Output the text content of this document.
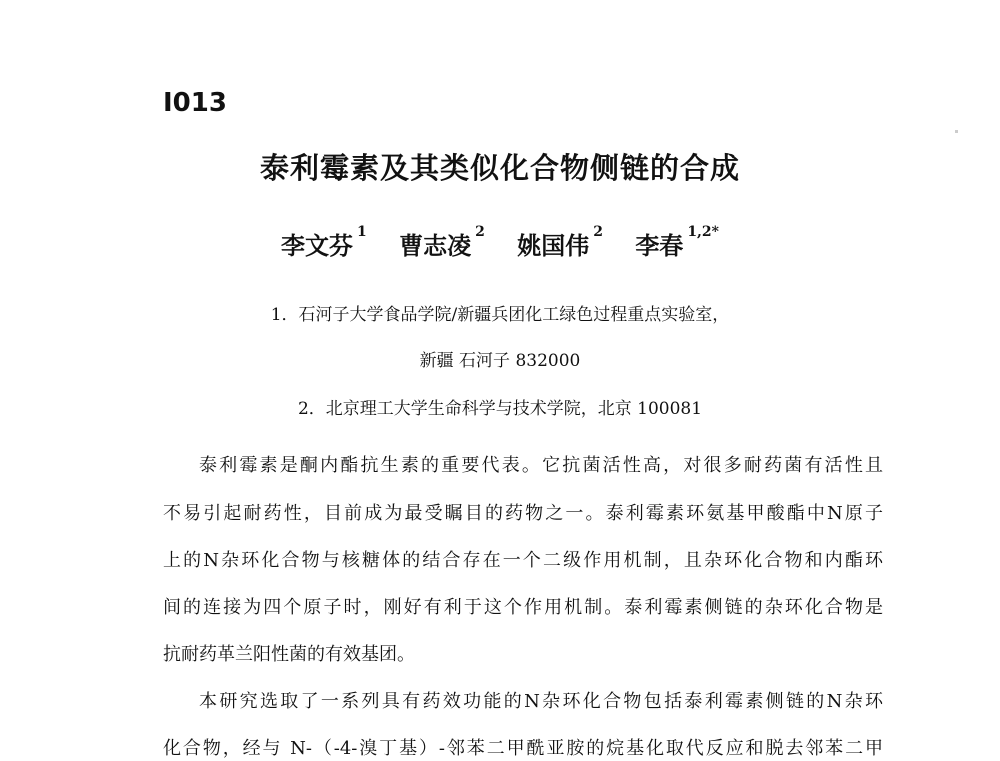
I013
泰利霉素及其类似化合物侧链的合成
李文芬 $^1$ 曹志凌 $^2$ 姚国伟 $^2$ 李春 $^{1,2*}$
1．石河子大学食品学院/新疆兵团化工绿色过程重点实验室，
新疆 石河子 832000
2．北京理工大学生命科学与技术学院，北京 100081
泰利霉素是酮内酯抗生素的重要代表。它抗菌活性高，对很多耐药菌有活性且
不易引起耐药性，目前成为最受瞩目的药物之一。泰利霉素环氨基甲酸酯中N原子
上的N杂环化合物与核糖体的结合存在一个二级作用机制，且杂环化合物和内酯环
间的连接为四个原子时，刚好有利于这个作用机制。泰利霉素侧链的杂环化合物是
抗耐药革兰阳性菌的有效基团。
本研究选取了一系列具有药效功能的N杂环化合物包括泰利霉素侧链的N杂环
化合物，经与 N-（-4-溴丁基）-邻苯二甲酰亚胺的烷基化取代反应和脱去邻苯二甲
